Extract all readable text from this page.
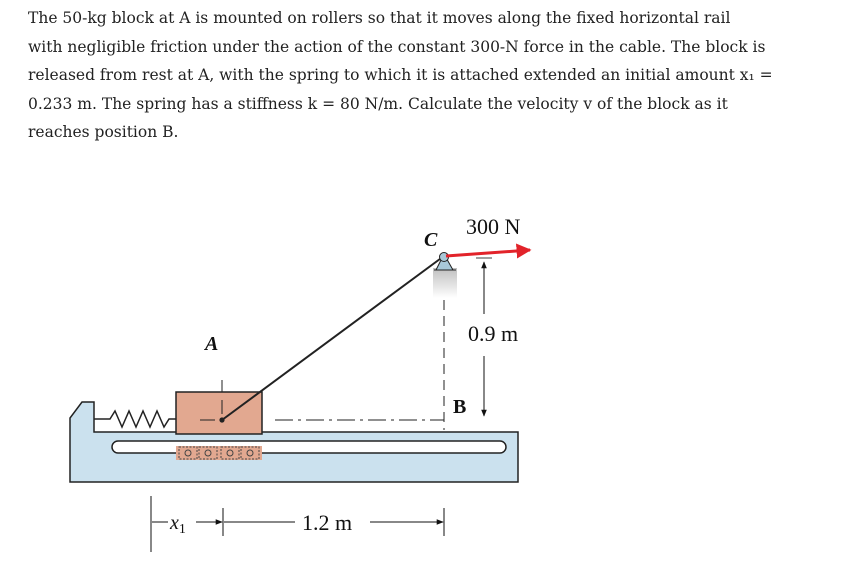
The 50-kg block at A is mounted on rollers so that it moves along the fixed horizontal rail
with negligible friction under the action of the constant 300-N force in the cable. The block is
released from rest at A, with the spring to which it is attached extended an initial amount x₁ =
0.233 m. The spring has a stiffness k = 80 N/m. Calculate the velocity v of the block as it
reaches position B.
C
300 N
A	0.9 m
B
$x_1$	1.2 m
